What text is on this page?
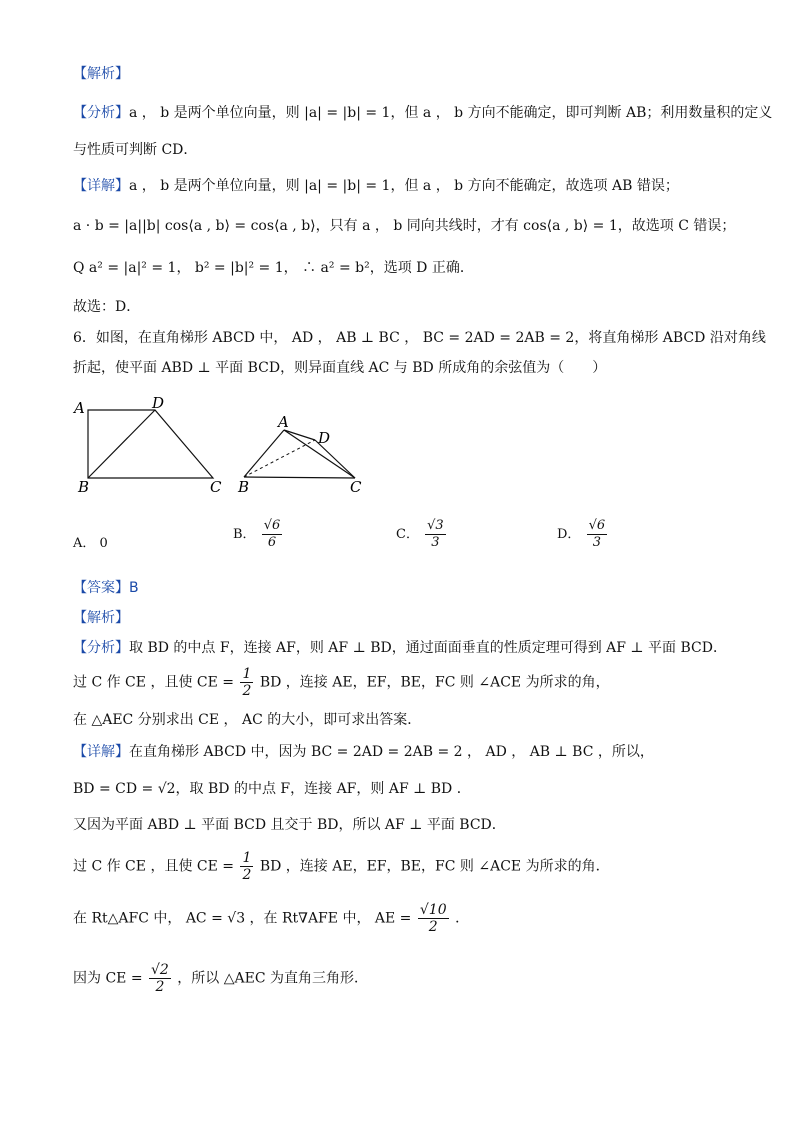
【解析】
【分析】a ， b 是两个单位向量，则 |a| = |b| = 1，但 a ， b 方向不能确定，即可判断 AB；利用数量积的定义
与性质可判断 CD．
【详解】a ， b 是两个单位向量，则 |a| = |b| = 1，但 a ， b 方向不能确定，故选项 AB 错误；
a · b = |a||b| cos⟨a , b⟩ = cos⟨a , b⟩，只有 a ， b 同向共线时，才有 cos⟨a , b⟩ = 1，故选项 C 错误；
Q a² = |a|² = 1， b² = |b|² = 1， ∴ a² = b²，选项 D 正确．
故选：D．
6．如图，在直角梯形 ABCD 中， AD ， AB ⊥ BC ， BC = 2AD = 2AB = 2，将直角梯形 ABCD 沿对角线
折起，使平面 ABD ⊥ 平面 BCD，则异面直线 AC 与 BD 所成角的余弦值为（　　）
A	D
B	C
A
D
B	C
A． 0
B． $\frac{√6}{6}$	C． $\frac{√3}{3}$	D． $\frac{√6}{3}$
【答案】B
【解析】
【分析】取 BD 的中点 F，连接 AF，则 AF ⊥ BD，通过面面垂直的性质定理可得到 AF ⊥ 平面 BCD．
过 C 作 CE ，且使 CE = $\frac{1}{2}$ BD ，连接 AE，EF，BE，FC 则 ∠ACE 为所求的角，
在 △AEC 分别求出 CE ， AC 的大小，即可求出答案．
【详解】在直角梯形 ABCD 中，因为 BC = 2AD = 2AB = 2 ， AD ， AB ⊥ BC ，所以，
BD = CD = √2，取 BD 的中点 F，连接 AF，则 AF ⊥ BD ．
又因为平面 ABD ⊥ 平面 BCD 且交于 BD，所以 AF ⊥ 平面 BCD．
过 C 作 CE ，且使 CE = $\frac{1}{2}$ BD ，连接 AE，EF，BE，FC 则 ∠ACE 为所求的角．
在 Rt△AFC 中， AC = √3 ，在 Rt∇AFE 中， AE = $\frac{√10}{2}$ ．
因为 CE = $\frac{√2}{2}$ ，所以 △AEC 为直角三角形．
